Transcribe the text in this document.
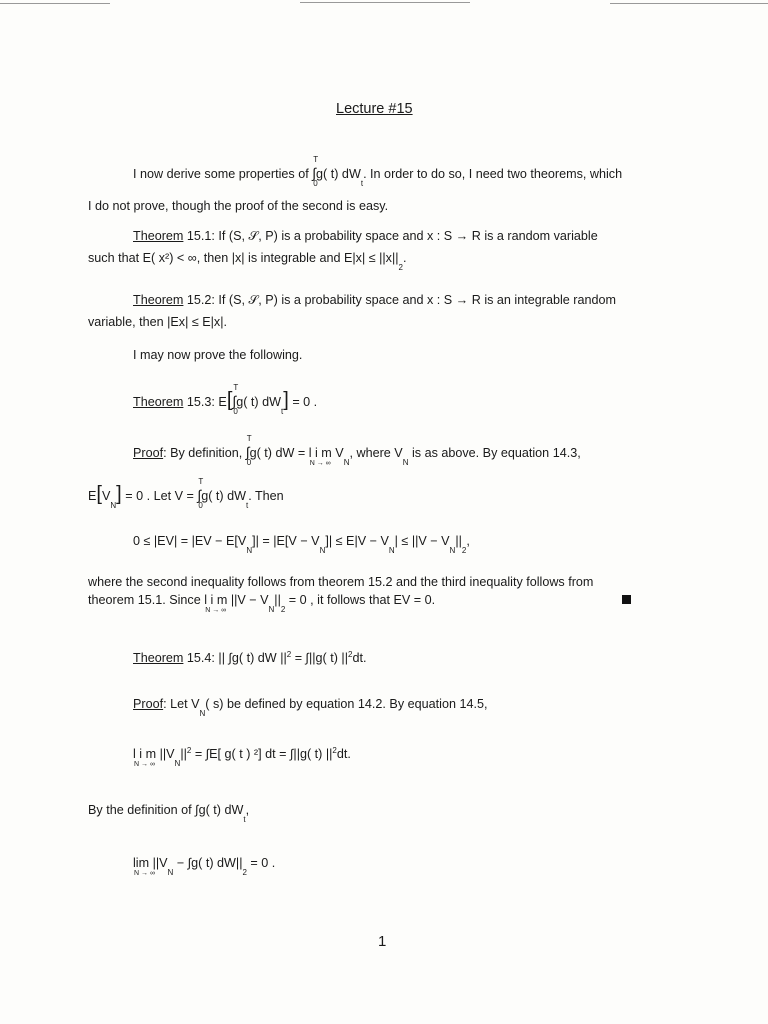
Lecture #15
I now derive some properties of ∫
T
0
g( t) $dW_t$. In order to do so, I need two theorems, which
I do not prove, though the proof of the second is easy.
Theorem 15.1: If (S, 𝒮, P) is a probability space and x : S → R is a random variable
such that E( x²) < ∞, then |x| is integrable and $E|x| \le ||x||_2$.
Theorem 15.2: If (S, 𝒮, P) is a probability space and x : S → R is an integrable random
variable, then |Ex| ≤ E|x|.
I may now prove the following.
Theorem 15.3: E[∫
T
0
g( t) $dW_t] = 0$ .
Proof: By definition, ∫
T
0
g( t) dW = l i m
N → ∞
$V_N$, where $V_N$ is as above. By equation 14.3,
$E[V_N] = 0$ . Let V = ∫
T
0
g( t) $dW_t$. Then
$0 \le |EV| = |EV - E[V_N]| = |E[V - V_N]| \le E|V - V_N| \le ||V - V_N||_2$,
where the second inequality follows from theorem 15.2 and the third inequality follows from
theorem 15.1. Since l i m
N → ∞
$||V - V_N||_2 = 0$ , it follows that EV = 0.
Theorem 15.4: || ∫g( t) dW $||^2 = \int||g$( t) $||^2dt$.
Proof: Let $V_N$( s) be defined by equation 14.2. By equation 14.5,
l i m
N → ∞
$||V_N||^2 = \int E$[ g( t ) ²] dt = ∫||g( t) $||^2dt$.
By the definition of ∫g( t) $dW_t$,
lim
N → ∞
$||V_N - \int g$( t) $dW||_2 = 0$ .
1
